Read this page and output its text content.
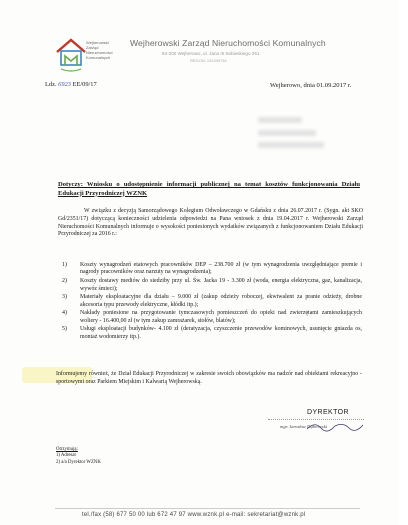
Wejherowski
Zarząd
Nieruchomości
Komunalnych
Wejherowski Zarząd Nieruchomości Komunalnych
84-200 Wejherowo, ul. Jana III Sobieskiego 251
REGON: 191049761
Ldz. 6923 EE/09/17	Wejherowo, dnia 01.09.2017 r.
Dotyczy: Wniosku o udostępnienie informacji publicznej na temat kosztów funkcjonowania Działu Edukacji Przyrodniczej WZNK
W związku z decyzją Samorządowego Kolegium Odwoławczego w Gdańsku z dnia 26.07.2017 r. (Sygn. akt SKO Gd/2351/17) dotyczącą konieczności udzielenia odpowiedzi na Pana wniosek z dnia 19.04.2017 r. Wejherowski Zarząd Nieruchomości Komunalnych informuje o wysokości poniesionych wydatków związanych z funkcjonowaniem Działu Edukacji Przyrodniczej za 2016 r.:
1) Koszty wynagrodzeń etatowych pracowników DEP – 238.700 zł (w tym wynagrodzenia uwzględniające premie i nagrody pracowników oraz narzuty na wynagrodzenia);
2) Koszty dostawy mediów do siedziby przy ul. Św. Jacka 19 - 3.300 zł (woda, energia elektryczna, gaz, kanalizacja, wywóz śmieci);
3) Materiały eksploatacyjne dla działu – 9.000 zł (zakup odzieży roboczej, ekwiwalent za pranie odzieży, drobne akcesoria typu przewody elektryczne, kłódki itp.);
4) Nakłady poniesione na przygotowanie tymczasowych pomieszczeń do opieki nad zwierzętami zamieszkujących woliery - 16.400,00 zł (w tym zakup zamrażarek, stołów, blatów);
5) Usługi eksploatacji budynków- 4.100 zł (deratyzacja, czyszczenie przewodów kominowych, usunięcie gniazda os, montaż wodomierzy itp.).
Informujemy również, że Dział Edukacji Przyrodniczej w zakresie swoich obowiązków ma nadzór nad obiektami rekreacyjno - sportowymi oraz Parkiem Miejskim i Kalwarią Wejherowską.
DYREKTOR
mgr. Jarosław Dąbrowski
Otrzymują:
1) Adresat
2) a/a Dyrektor WZNK
tel./fax (58) 677 50 00 lub 672 47 97 www.wznk.pl e-mail: sekretariat@wznk.pl
